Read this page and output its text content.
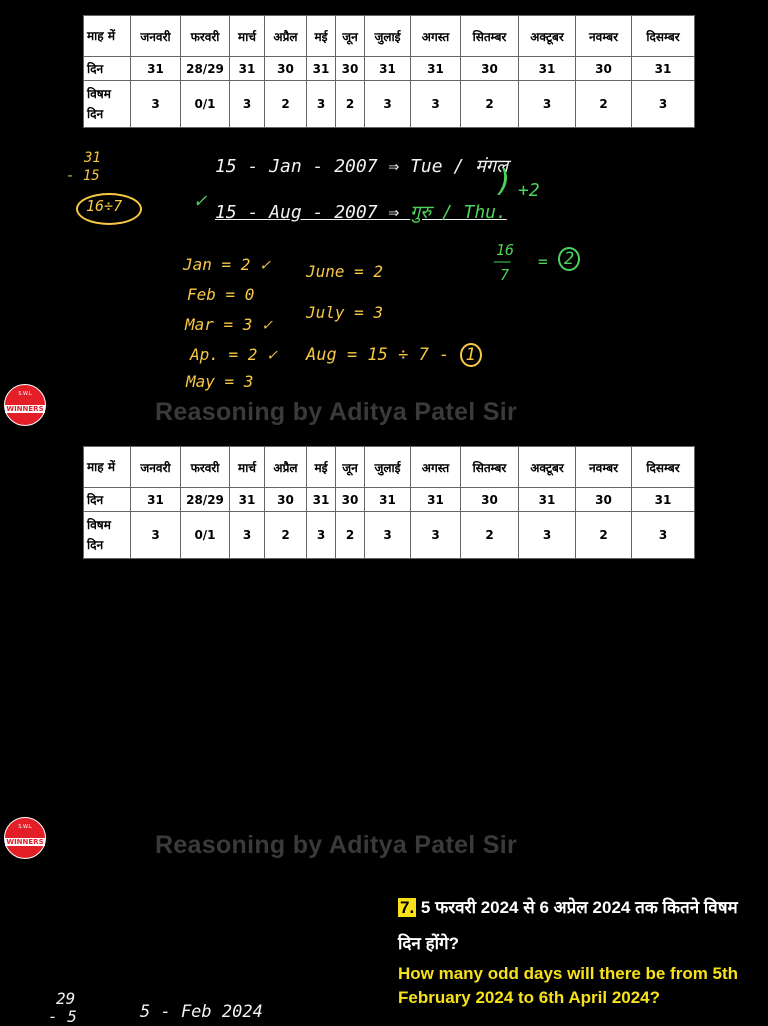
माह में	जनवरी	फरवरी	मार्च	अप्रैल	मई	जून	जुलाई	अगस्त	सितम्बर	अक्टूबर	नवम्बर	दिसम्बर
दिन	31	28/29	31	30	31	30	31	31	30	31	30	31
विषम दिन	3	0/1	3	2	3	2	3	3	2	3	2	3
31
- 15
16÷7
15 - Jan - 2007 ⇒ Tue / मंगल
✓
15 - Aug - 2007 ⇒ गुरु / Thu.
) +2
Jan = 2 ✓
Feb = 0
Mar = 3 ✓
Ap. = 2 ✓
May = 3
June = 2
July = 3
Aug = 15 ÷ 7 - 1
16
——
7
= 2
S.W.L
WINNERS	Reasoning by Aditya Patel Sir
माह में	जनवरी	फरवरी	मार्च	अप्रैल	मई	जून	जुलाई	अगस्त	सितम्बर	अक्टूबर	नवम्बर	दिसम्बर
दिन	31	28/29	31	30	31	30	31	31	30	31	30	31
विषम दिन	3	0/1	3	2	3	2	3	3	2	3	2	3
S.W.L
WINNERS	Reasoning by Aditya Patel Sir
7. 5 फरवरी 2024 से 6 अप्रेल 2024 तक कितने विषम दिन होंगे?
How many odd days will there be from 5th February 2024 to 6th April 2024?
29
- 5	5 - Feb 2024
